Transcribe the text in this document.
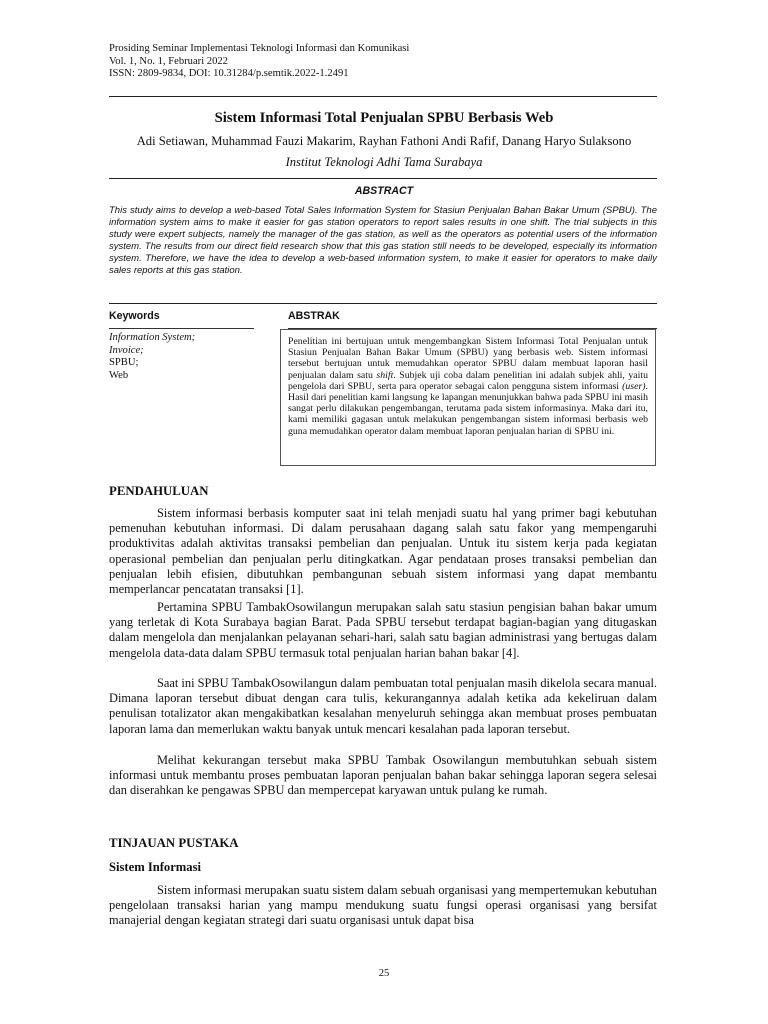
Prosiding Seminar Implementasi Teknologi Informasi dan Komunikasi
Vol. 1, No. 1, Februari 2022
ISSN: 2809-9834, DOI: 10.31284/p.semtik.2022-1.2491
Sistem Informasi Total Penjualan SPBU Berbasis Web
Adi Setiawan, Muhammad Fauzi Makarim, Rayhan Fathoni Andi Rafif, Danang Haryo Sulaksono
Institut Teknologi Adhi Tama Surabaya
ABSTRACT
This study aims to develop a web-based Total Sales Information System for Stasiun Penjualan Bahan Bakar Umum (SPBU). The information system aims to make it easier for gas station operators to report sales results in one shift. The trial subjects in this study were expert subjects, namely the manager of the gas station, as well as the operators as potential users of the information system. The results from our direct field research show that this gas station still needs to be developed, especially its information system. Therefore, we have the idea to develop a web-based information system, to make it easier for operators to make daily sales reports at this gas station.
Keywords
Information System;
Invoice;
SPBU;
Web
ABSTRAK
Penelitian ini bertujuan untuk mengembangkan Sistem Informasi Total Penjualan untuk Stasiun Penjualan Bahan Bakar Umum (SPBU) yang berbasis web. Sistem informasi tersebut bertujuan untuk memudahkan operator SPBU dalam membuat laporan hasil penjualan dalam satu shift. Subjek uji coba dalam penelitian ini adalah subjek ahli, yaitu pengelola dari SPBU, serta para operator sebagai calon pengguna sistem informasi (user). Hasil dari penelitian kami langsung ke lapangan menunjukkan bahwa pada SPBU ini masih sangat perlu dilakukan pengembangan, terutama pada sistem informasinya. Maka dari itu, kami memiliki gagasan untuk melakukan pengembangan sistem informasi berbasis web guna memudahkan operator dalam membuat laporan penjualan harian di SPBU ini.
PENDAHULUAN
Sistem informasi berbasis komputer saat ini telah menjadi suatu hal yang primer bagi kebutuhan pemenuhan kebutuhan informasi. Di dalam perusahaan dagang salah satu fakor yang mempengaruhi produktivitas adalah aktivitas transaksi pembelian dan penjualan. Untuk itu sistem kerja pada kegiatan operasional pembelian dan penjualan perlu ditingkatkan. Agar pendataan proses transaksi pembelian dan penjualan lebih efisien, dibutuhkan pembangunan sebuah sistem informasi yang dapat membantu memperlancar pencatatan transaksi [1].
Pertamina SPBU TambakOsowilangun merupakan salah satu stasiun pengisian bahan bakar umum yang terletak di Kota Surabaya bagian Barat. Pada SPBU tersebut terdapat bagian-bagian yang ditugaskan dalam mengelola dan menjalankan pelayanan sehari-hari, salah satu bagian administrasi yang bertugas dalam mengelola data-data dalam SPBU termasuk total penjualan harian bahan bakar [4].
Saat ini SPBU TambakOsowilangun dalam pembuatan total penjualan masih dikelola secara manual. Dimana laporan tersebut dibuat dengan cara tulis, kekurangannya adalah ketika ada kekeliruan dalam penulisan totalizator akan mengakibatkan kesalahan menyeluruh sehingga akan membuat proses pembuatan laporan lama dan memerlukan waktu banyak untuk mencari kesalahan pada laporan tersebut.
Melihat kekurangan tersebut maka SPBU Tambak Osowilangun membutuhkan sebuah sistem informasi untuk membantu proses pembuatan laporan penjualan bahan bakar sehingga laporan segera selesai dan diserahkan ke pengawas SPBU dan mempercepat karyawan untuk pulang ke rumah.
TINJAUAN PUSTAKA
Sistem Informasi
Sistem informasi merupakan suatu sistem dalam sebuah organisasi yang mempertemukan kebutuhan pengelolaan transaksi harian yang mampu mendukung suatu fungsi operasi organisasi yang bersifat manajerial dengan kegiatan strategi dari suatu organisasi untuk dapat bisa
25
